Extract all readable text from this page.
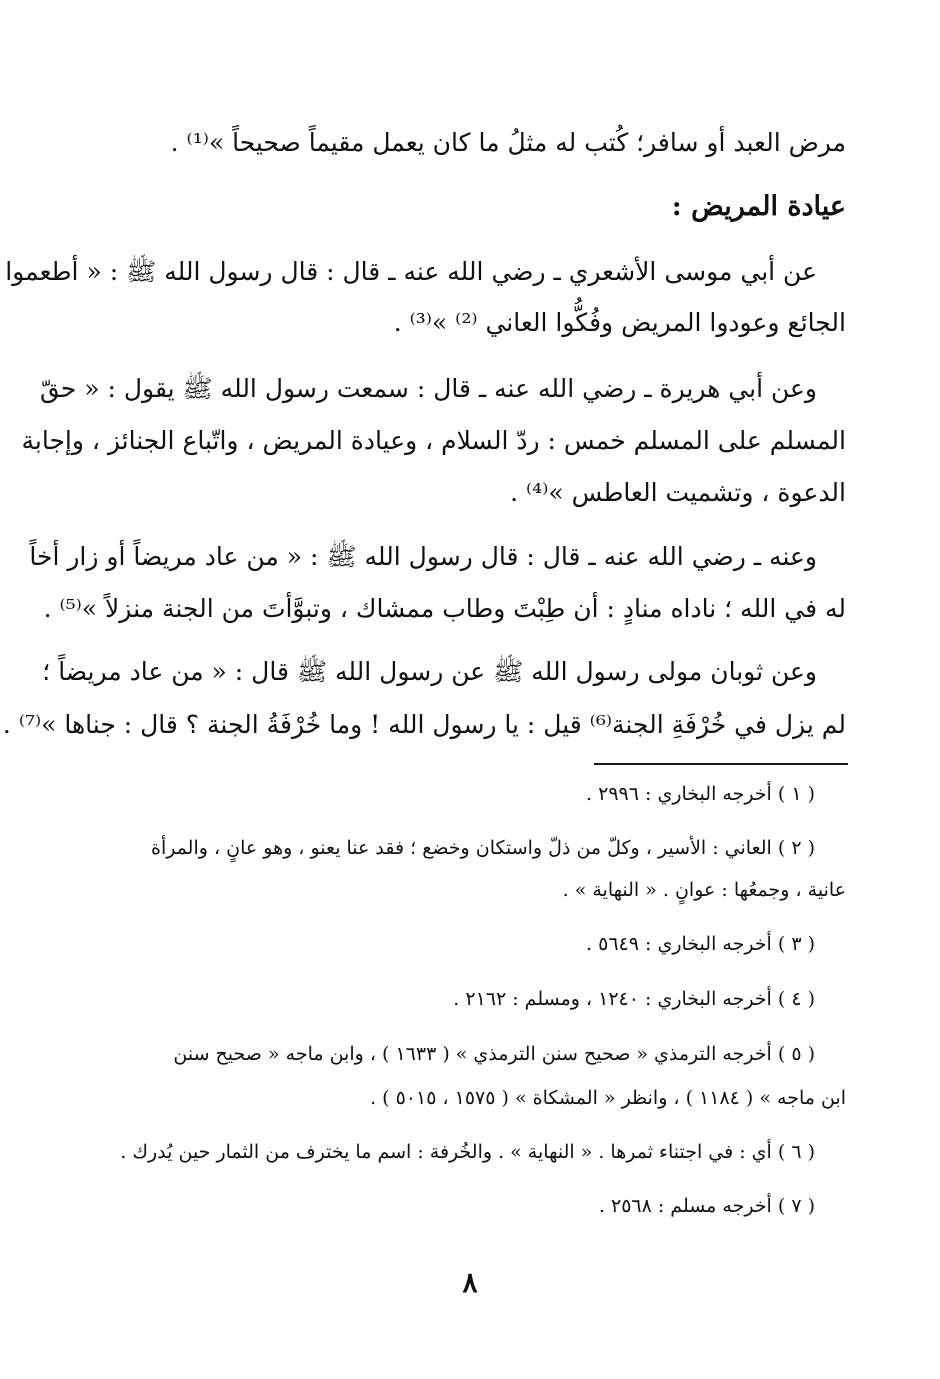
مرض العبد أو سافر؛ كُتب له مثلُ ما كان يعمل مقيماً صحيحاً »⁽¹⁾ .
عيادة المريض :
عن أبي موسى الأشعري ـ رضي الله عنه ـ قال : قال رسول الله ﷺ : « أطعموا
الجائع وعودوا المريض وفُكُّوا العاني ⁽²⁾ »⁽³⁾ .
وعن أبي هريرة ـ رضي الله عنه ـ قال : سمعت رسول الله ﷺ يقول : « حقّ
المسلم على المسلم خمس : ردّ السلام ، وعيادة المريض ، واتّباع الجنائز ، وإجابة
الدعوة ، وتشميت العاطس »⁽⁴⁾ .
وعنه ـ رضي الله عنه ـ قال : قال رسول الله ﷺ : « من عاد مريضاً أو زار أخاً
له في الله ؛ ناداه منادٍ : أن طِبْتَ وطاب ممشاك ، وتبوَّأتَ من الجنة منزلاً »⁽⁵⁾ .
وعن ثوبان مولى رسول الله ﷺ عن رسول الله ﷺ قال : « من عاد مريضاً ؛
لم يزل في خُرْفَةِ الجنة⁽⁶⁾ قيل : يا رسول الله ! وما خُرْفَةُ الجنة ؟ قال : جناها »⁽⁷⁾ .
( ١ ) أخرجه البخاري : ٢٩٩٦ .
( ٢ ) العاني : الأسير ، وكلّ من ذلّ واستكان وخضع ؛ فقد عنا يعنو ، وهو عانٍ ، والمرأة
عانية ، وجمعُها : عوانٍ . « النهاية » .
( ٣ ) أخرجه البخاري : ٥٦٤٩ .
( ٤ ) أخرجه البخاري : ١٢٤٠ ، ومسلم : ٢١٦٢ .
( ٥ ) أخرجه الترمذي « صحيح سنن الترمذي » ( ١٦٣٣ ) ، وابن ماجه « صحيح سنن
ابن ماجه » ( ١١٨٤ ) ، وانظر « المشكاة » ( ١٥٧٥ ، ٥٠١٥ ) .
( ٦ ) أي : في اجتناء ثمرها . « النهاية » . والخُرفة : اسم ما يخترف من الثمار حين يُدرك .
( ٧ ) أخرجه مسلم : ٢٥٦٨ .
٨
